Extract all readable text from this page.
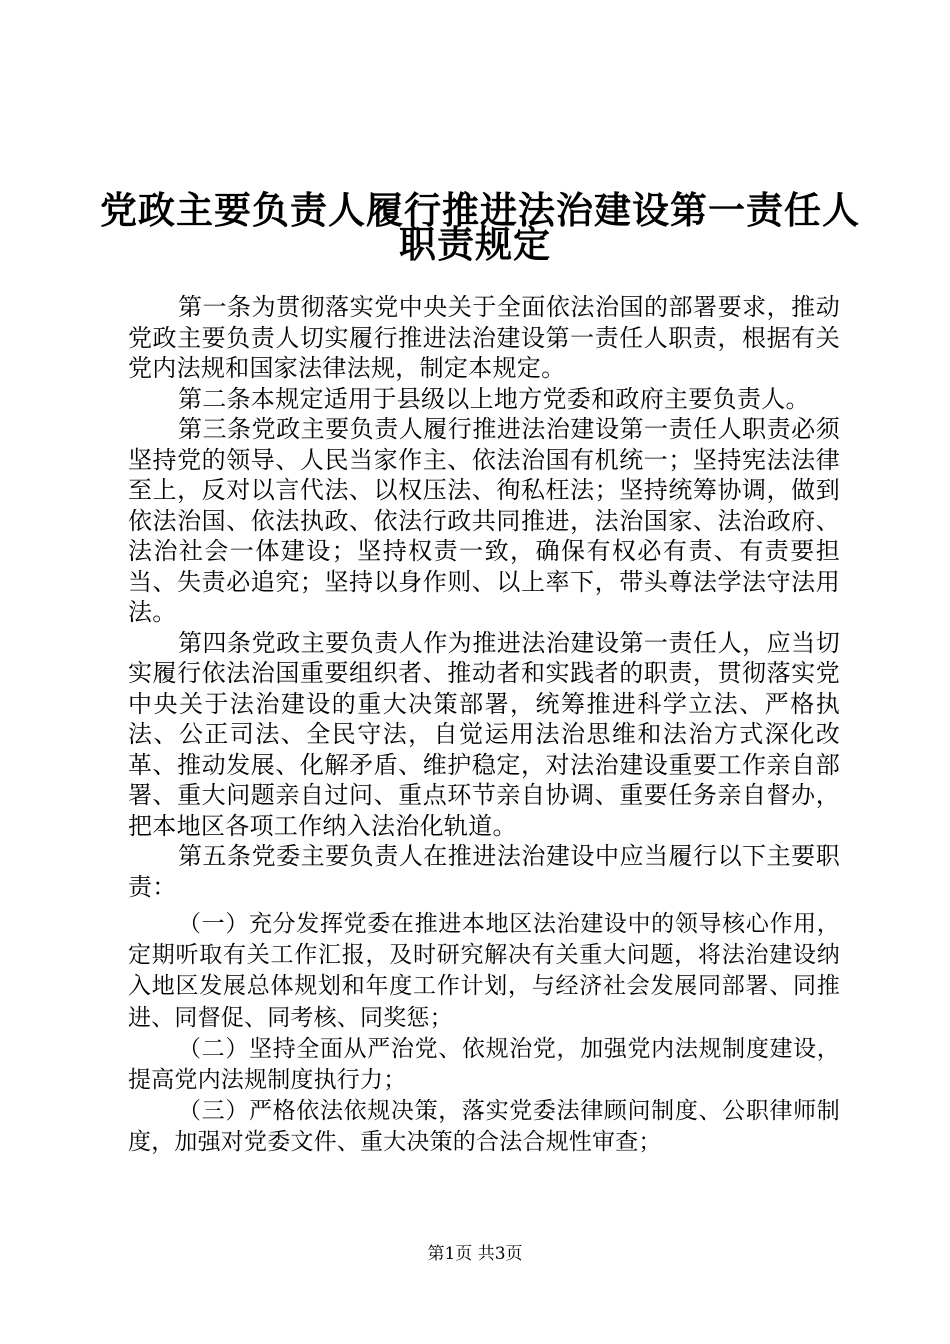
党政主要负责人履行推进法治建设第一责任人
职责规定

第一条为贯彻落实党中央关于全面依法治国的部署要求，推动党政主要负责人切实履行推进法治建设第一责任人职责，根据有关党内法规和国家法律法规，制定本规定。

第二条本规定适用于县级以上地方党委和政府主要负责人。

第三条党政主要负责人履行推进法治建设第一责任人职责必须坚持党的领导、人民当家作主、依法治国有机统一；坚持宪法法律至上，反对以言代法、以权压法、徇私枉法；坚持统筹协调，做到依法治国、依法执政、依法行政共同推进，法治国家、法治政府、法治社会一体建设；坚持权责一致，确保有权必有责、有责要担当、失责必追究；坚持以身作则、以上率下，带头尊法学法守法用法。

第四条党政主要负责人作为推进法治建设第一责任人，应当切实履行依法治国重要组织者、推动者和实践者的职责，贯彻落实党中央关于法治建设的重大决策部署，统筹推进科学立法、严格执法、公正司法、全民守法，自觉运用法治思维和法治方式深化改革、推动发展、化解矛盾、维护稳定，对法治建设重要工作亲自部署、重大问题亲自过问、重点环节亲自协调、重要任务亲自督办，把本地区各项工作纳入法治化轨道。

第五条党委主要负责人在推进法治建设中应当履行以下主要职责：

（一）充分发挥党委在推进本地区法治建设中的领导核心作用，定期听取有关工作汇报，及时研究解决有关重大问题，将法治建设纳入地区发展总体规划和年度工作计划，与经济社会发展同部署、同推进、同督促、同考核、同奖惩；

（二）坚持全面从严治党、依规治党，加强党内法规制度建设，提高党内法规制度执行力；

（三）严格依法依规决策，落实党委法律顾问制度、公职律师制度，加强对党委文件、重大决策的合法合规性审查；

第1页 共3页
